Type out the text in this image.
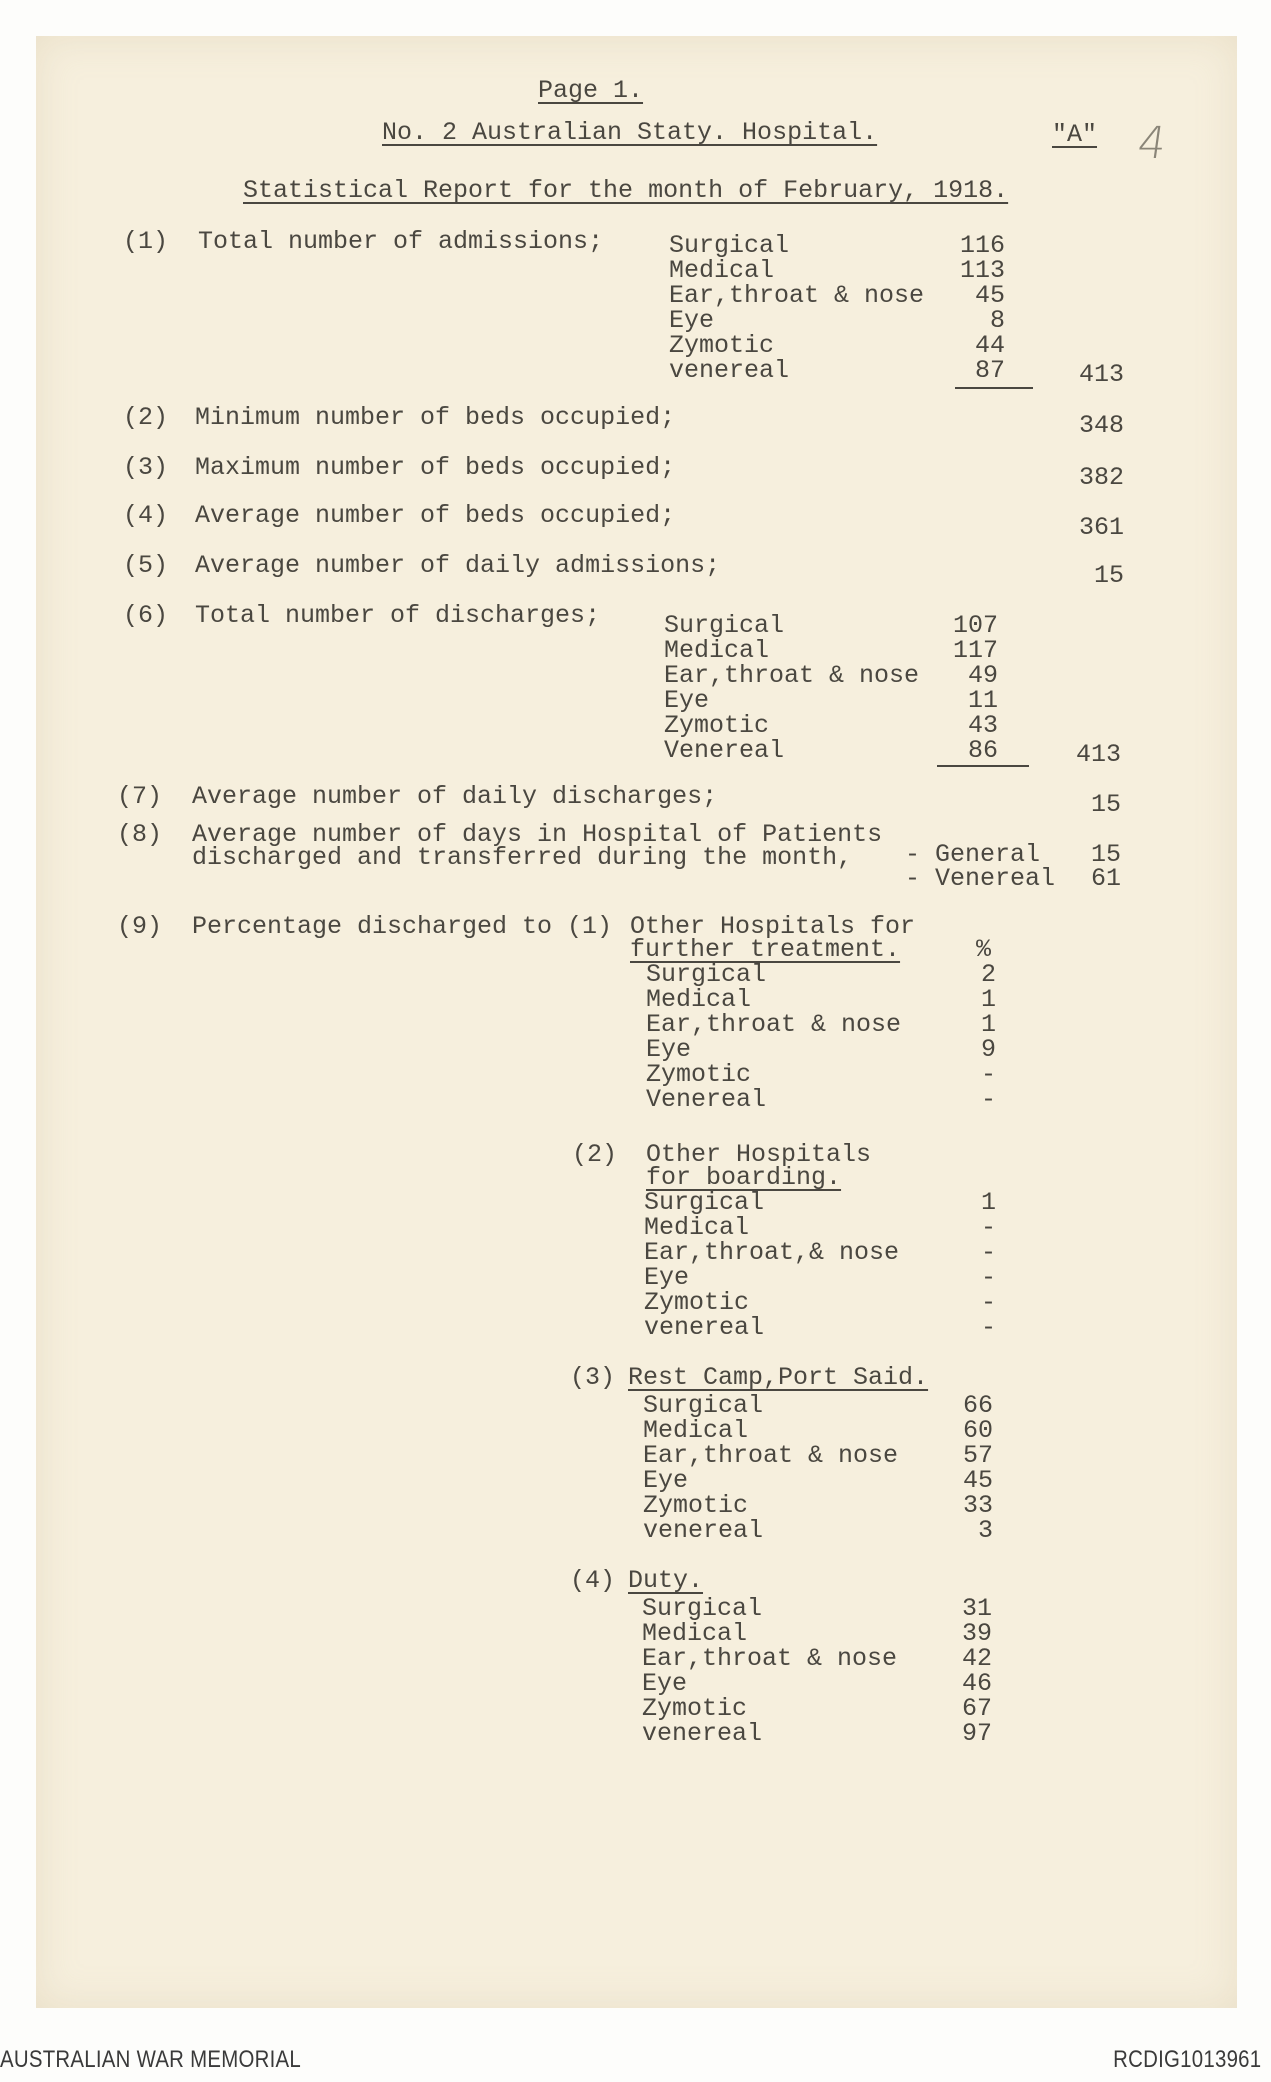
Page 1.
No. 2 Australian Staty. Hospital.	"A" 4
Statistical Report for the month of February, 1918.
(1) Total number of admissions;	Surgical	116
Medical	113
Ear,throat & nose 45
Eye	8
Zymotic	44
venereal	87	413
(2) Minimum number of beds occupied;	348
(3) Maximum number of beds occupied;	382
(4) Average number of beds occupied;	361
(5) Average number of daily admissions;	15
(6) Total number of discharges;	Surgical	107
Medical	117
Ear,throat & nose 49
Eye	11
Zymotic	43
Venereal	86	413
(7) Average number of daily discharges;	15
(8) Average number of days in Hospital of Patients
discharged and transferred during the month, - General	15
- Venereal	61
(9) Percentage discharged to (1) Other Hospitals for
further treatment.	%
Surgical	2
Medical	1
Ear,throat & nose	1
Eye	9
Zymotic	-
Venereal	-
(2) Other Hospitals
for boarding.
Surgical	1
Medical	-
Ear,throat,& nose	-
Eye	-
Zymotic	-
venereal	-
(3) Rest Camp,Port Said.
Surgical	66
Medical	60
Ear,throat & nose	57
Eye	45
Zymotic	33
venereal	3
(4) Duty.
Surgical	31
Medical	39
Ear,throat & nose	42
Eye	46
Zymotic	67
venereal	97
AUSTRALIAN WAR MEMORIAL	RCDIG1013961
